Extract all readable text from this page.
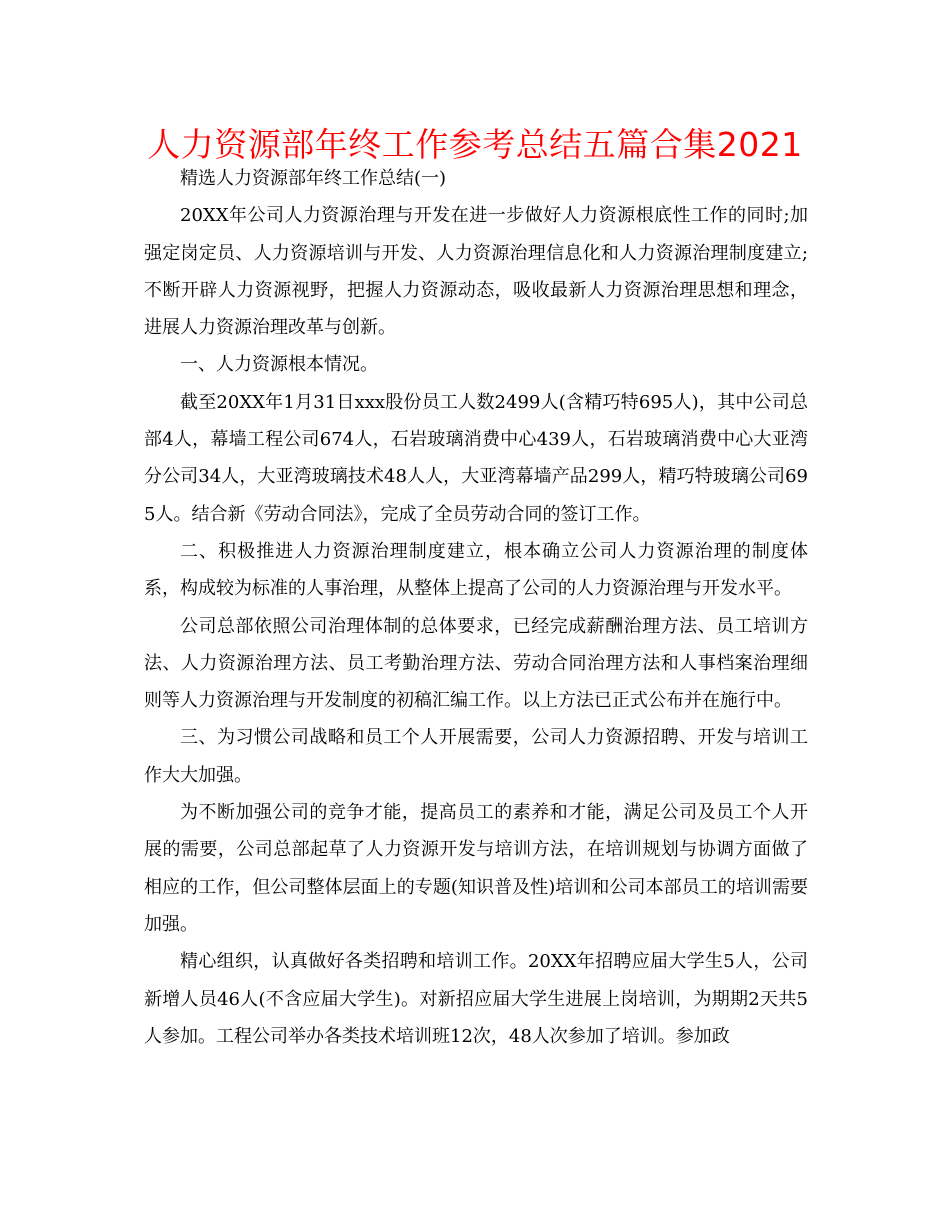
人力资源部年终工作参考总结五篇合集2021

精选人力资源部年终工作总结(一)

20XX年公司人力资源治理与开发在进一步做好人力资源根底性工作的同时;加强定岗定员、人力资源培训与开发、人力资源治理信息化和人力资源治理制度建立;不断开辟人力资源视野，把握人力资源动态，吸收最新人力资源治理思想和理念，进展人力资源治理改革与创新。

一、人力资源根本情况。

截至20XX年1月31日xxx股份员工人数2499人(含精巧特695人)，其中公司总部4人，幕墙工程公司674人，石岩玻璃消费中心439人，石岩玻璃消费中心大亚湾分公司34人，大亚湾玻璃技术48人人，大亚湾幕墙产品299人，精巧特玻璃公司695人。结合新《劳动合同法》，完成了全员劳动合同的签订工作。

二、积极推进人力资源治理制度建立，根本确立公司人力资源治理的制度体系，构成较为标准的人事治理，从整体上提高了公司的人力资源治理与开发水平。

公司总部依照公司治理体制的总体要求，已经完成薪酬治理方法、员工培训方法、人力资源治理方法、员工考勤治理方法、劳动合同治理方法和人事档案治理细则等人力资源治理与开发制度的初稿汇编工作。以上方法已正式公布并在施行中。

三、为习惯公司战略和员工个人开展需要，公司人力资源招聘、开发与培训工作大大加强。

为不断加强公司的竞争才能，提高员工的素养和才能，满足公司及员工个人开展的需要，公司总部起草了人力资源开发与培训方法，在培训规划与协调方面做了相应的工作，但公司整体层面上的专题(知识普及性)培训和公司本部员工的培训需要加强。

精心组织，认真做好各类招聘和培训工作。20XX年招聘应届大学生5人，公司新增人员46人(不含应届大学生)。对新招应届大学生进展上岗培训，为期期2天共5人参加。工程公司举办各类技术培训班12次，48人次参加了培训。参加政
